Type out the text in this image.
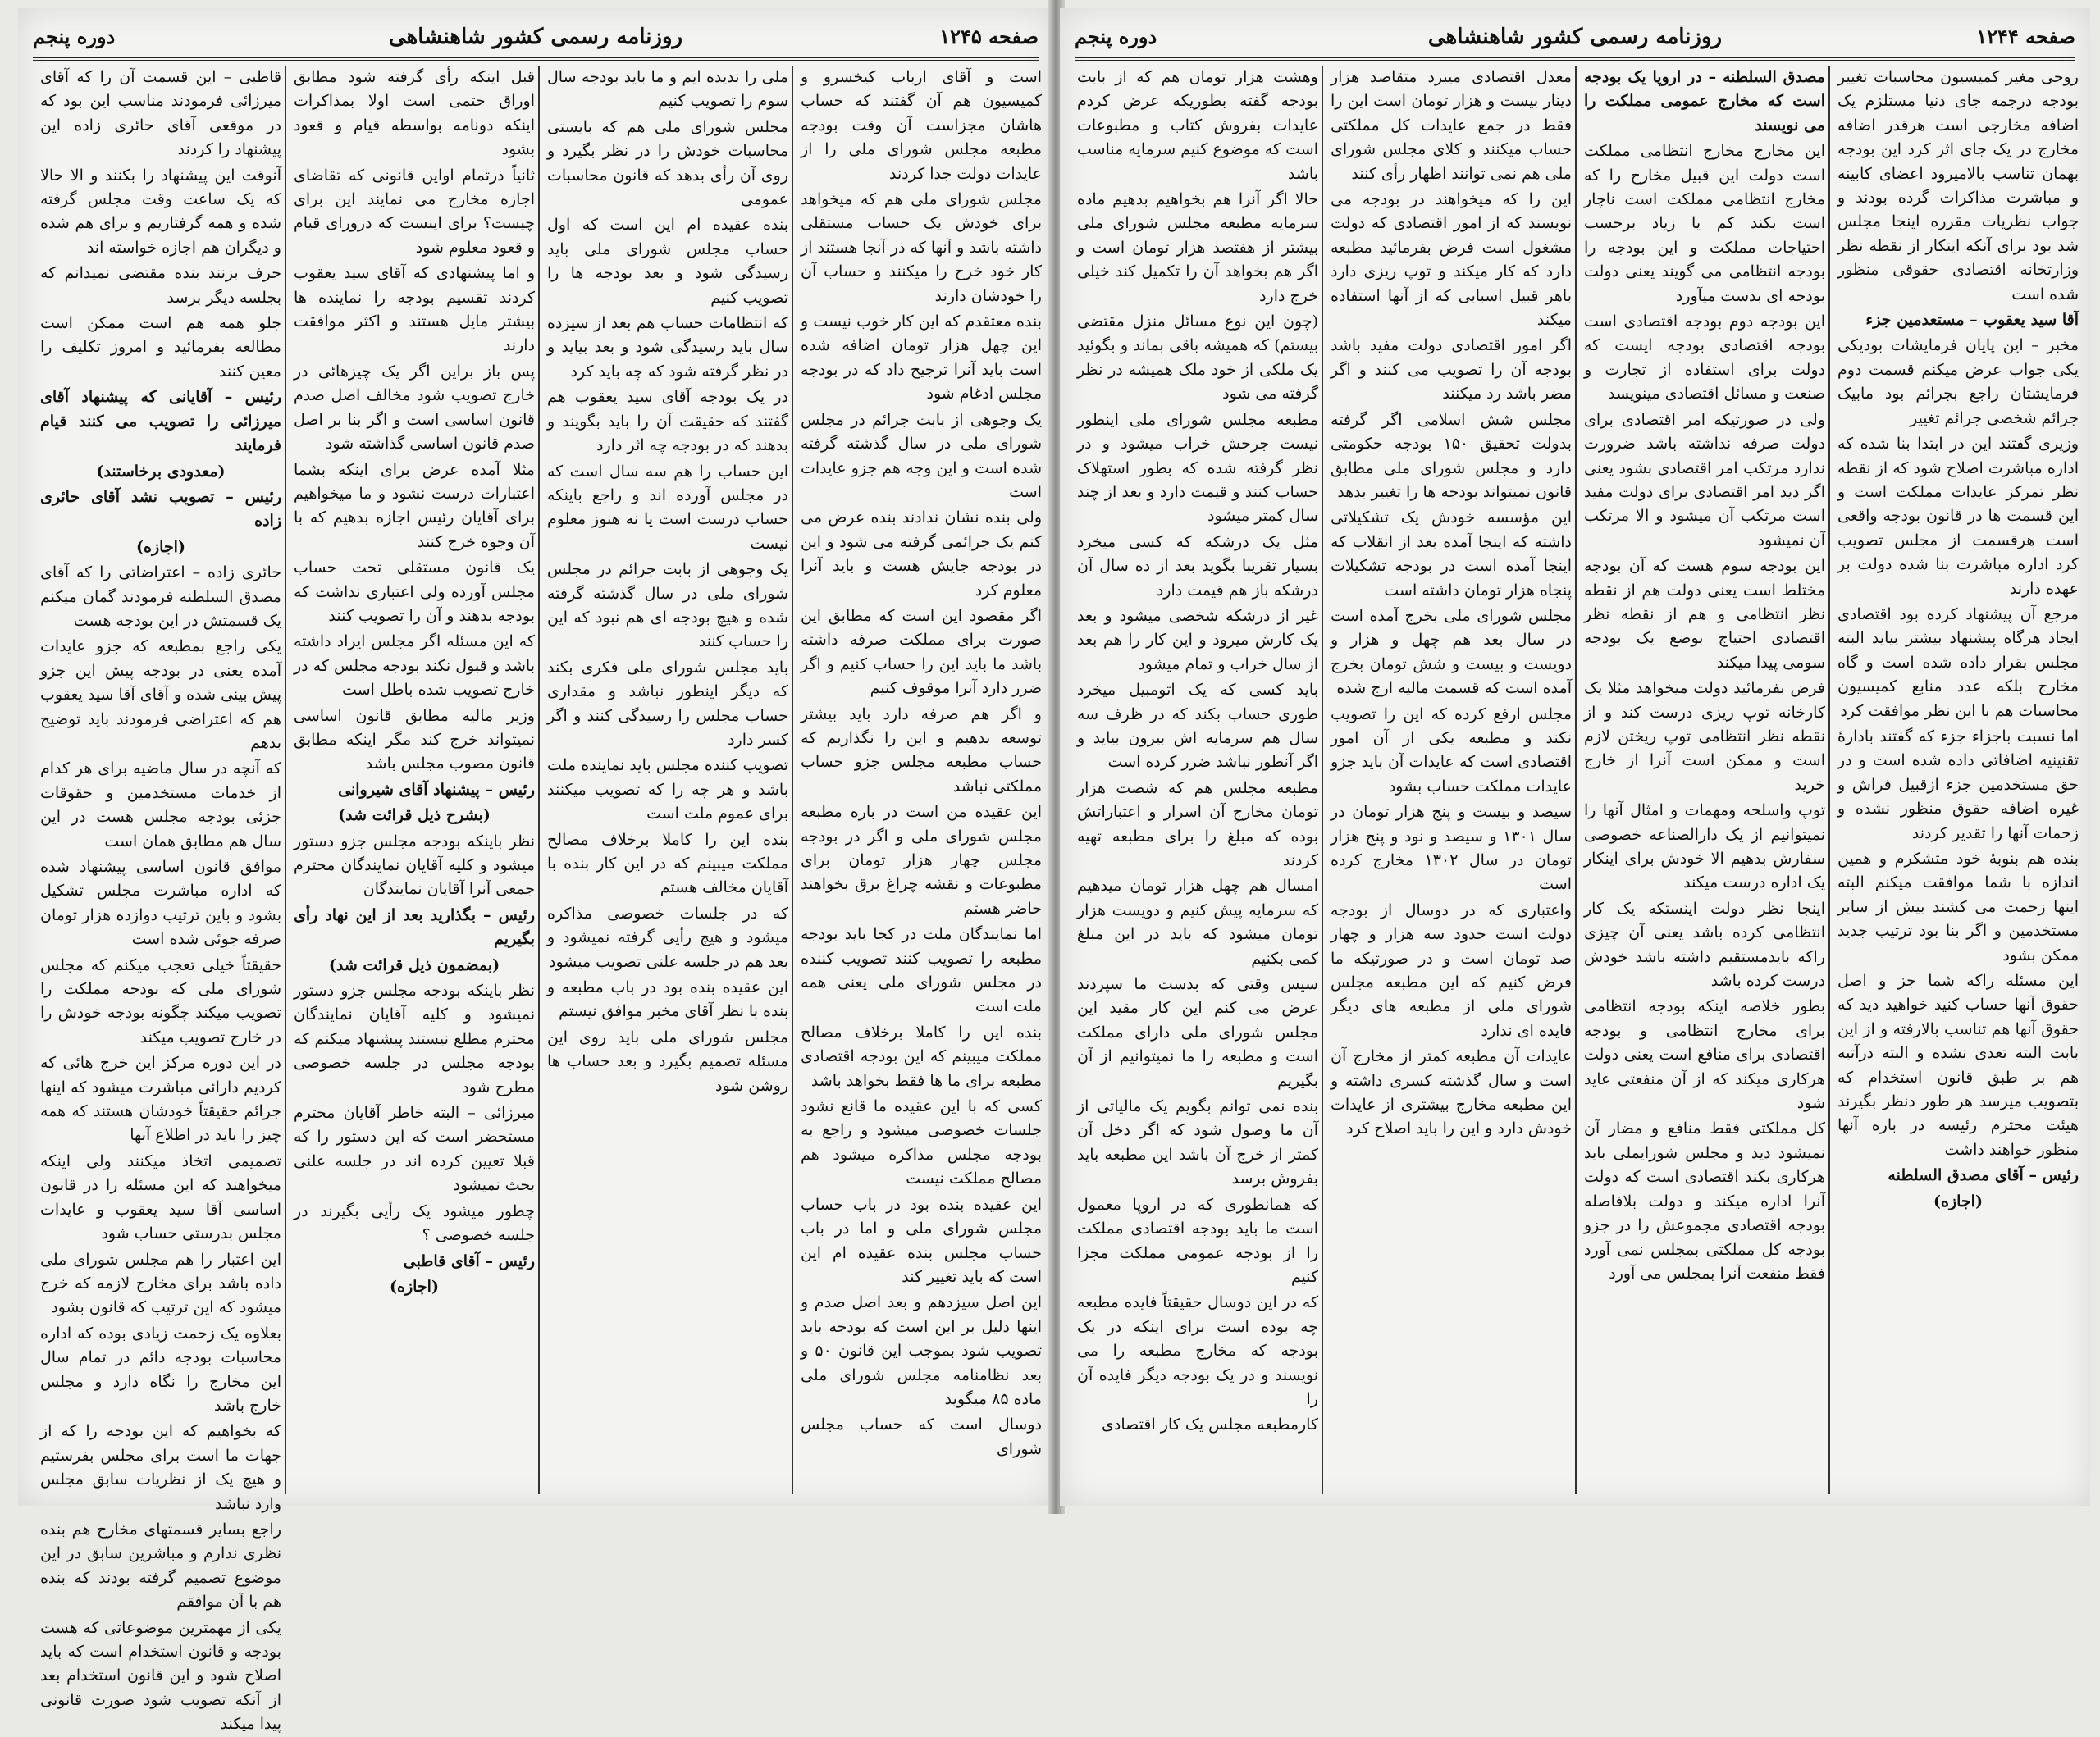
صفحه ۱۲۴۵
روزنامه رسمی کشور شاهنشاهی
دوره پنجم

است و آقای ارباب کیخسرو و کمیسیون هم آن گفتند که حساب هاشان مجزاست آن وقت بودجه مطبعه مجلس شورای ملی را از عایدات دولت جدا کردند

مجلس شورای ملی هم که میخواهد برای خودش یک حساب مستقلی داشته باشد و آنها که در آنجا هستند از کار خود خرج را میکنند و حساب آن را خودشان دارند

بنده معتقدم که این کار خوب نیست و این چهل هزار تومان اضافه شده است باید آنرا ترجیح داد که در بودجه مجلس ادغام شود

یک وجوهی از بابت جرائم در مجلس شورای ملی در سال گذشته گرفته شده است و این وجه هم جزو عایدات است

ولی بنده نشان ندادند بنده عرض می کنم یک جرائمی گرفته می شود و این در بودجه جایش هست و باید آنرا معلوم کرد

اگر مقصود این است که مطابق این صورت برای مملکت صرفه داشته باشد ما باید این را حساب کنیم و اگر ضرر دارد آنرا موقوف کنیم

و اگر هم صرفه دارد باید بیشتر توسعه بدهیم و این را نگذاریم که حساب مطبعه مجلس جزو حساب مملکتی نباشد

این عقیده من است در باره مطبعه مجلس شورای ملی و اگر در بودجه مجلس چهار هزار تومان برای مطبوعات و نقشه چراغ برق بخواهند حاضر هستم

اما نمایندگان ملت در کجا باید بودجه مطبعه را تصویب کنند تصویب کننده در مجلس شورای ملی یعنی همه ملت است

بنده این را کاملا برخلاف مصالح مملکت میبینم که این بودجه اقتصادی مطبعه برای ما ها فقط بخواهد باشد

کسی که با این عقیده ما قانع نشود جلسات خصوصی میشود و راجع به بودجه مجلس مذاکره میشود هم مصالح مملکت نیست

این عقیده بنده بود در باب حساب مجلس شورای ملی و اما در باب حساب مجلس بنده عقیده ام این است که باید تغییر کند

این اصل سیزدهم و بعد اصل صدم و اینها دلیل بر این است که بودجه باید تصویب شود بموجب این قانون ۵۰ و بعد نظامنامه مجلس شورای ملی ماده ۸۵ میگوید

دوسال است که حساب مجلس شورای

ملی را ندیده ایم و ما باید بودجه سال سوم را تصویب کنیم

مجلس شورای ملی هم که بایستی محاسبات خودش را در نظر بگیرد و روی آن رأی بدهد که قانون محاسبات عمومی

بنده عقیده ام این است که اول حساب مجلس شورای ملی باید رسیدگی شود و بعد بودجه ها را تصویب کنیم

که انتظامات حساب هم بعد از سیزده سال باید رسیدگی شود و بعد بیاید و در نظر گرفته شود که چه باید کرد

در یک بودجه آقای سید یعقوب هم گفتند که حقیقت آن را باید بگویند و بدهند که در بودجه چه اثر دارد

این حساب را هم سه سال است که در مجلس آورده اند و راجع باینکه حساب درست است یا نه هنوز معلوم نیست

یک وجوهی از بابت جرائم در مجلس شورای ملی در سال گذشته گرفته شده و هیچ بودجه ای هم نبود که این را حساب کنند

باید مجلس شورای ملی فکری بکند که دیگر اینطور نباشد و مقداری حساب مجلس را رسیدگی کنند و اگر کسر دارد

تصویب کننده مجلس باید نماینده ملت باشد و هر چه را که تصویب میکنند برای عموم ملت است

بنده این را کاملا برخلاف مصالح مملکت میبینم که در این کار بنده با آقایان مخالف هستم

که در جلسات خصوصی مذاکره میشود و هیچ رأیی گرفته نمیشود و بعد هم در جلسه علنی تصویب میشود

این عقیده بنده بود در باب مطبعه و بنده با نظر آقای مخبر موافق نیستم

مجلس شورای ملی باید روی این مسئله تصمیم بگیرد و بعد حساب ها روشن شود

قبل اینکه رأی گرفته شود مطابق اوراق حتمی است اولا بمذاکرات اینکه دونامه بواسطه قیام و قعود بشود

ثانیاً درتمام اواین قانونی که تقاضای اجازه مخارج می نمایند این برای چیست؟ برای اینست که درورای قیام و قعود معلوم شود

و اما پیشنهادی که آقای سید یعقوب کردند تقسیم بودجه را نماینده ها بیشتر مایل هستند و اکثر موافقت دارند

پس باز براین اگر یک چیزهائی در خارج تصویب شود مخالف اصل صدم قانون اساسی است و اگر بنا بر اصل صدم قانون اساسی گذاشته شود

مثلا آمده عرض برای اینکه بشما اعتبارات درست نشود و ما میخواهیم برای آقایان رئیس اجازه بدهیم که با آن وجوه خرج کنند

یک قانون مستقلی تحت حساب مجلس آورده ولی اعتباری نداشت که بودجه بدهند و آن را تصویب کنند

که این مسئله اگر مجلس ایراد داشته باشد و قبول نکند بودجه مجلس که در خارج تصویب شده باطل است

وزیر مالیه مطابق قانون اساسی نمیتواند خرج کند مگر اینکه مطابق قانون مصوب مجلس باشد

رئیس – پیشنهاد آقای شیروانی

(بشرح ذیل قرائت شد)

نظر باینکه بودجه مجلس جزو دستور میشود و کلیه آقایان نمایندگان محترم جمعی آنرا آقایان نمایندگان

رئیس – بگذارید بعد از این نهاد رأی بگیریم

(بمضمون ذیل قرائت شد)

نظر باینکه بودجه مجلس جزو دستور نمیشود و کلیه آقایان نمایندگان محترم مطلع نیستند پیشنهاد میکنم که بودجه مجلس در جلسه خصوصی مطرح شود

میرزائی – البته خاطر آقایان محترم مستحضر است که این دستور را که قبلا تعیین کرده اند در جلسه علنی بحث نمیشود

چطور میشود یک رأیی بگیرند در جلسه خصوصی ؟

رئیس – آقای قاطبی

(اجازه)

قاطبی – این قسمت آن را که آقای میرزائی فرمودند مناسب این بود که در موقعی آقای حائری زاده این پیشنهاد را کردند

آنوقت این پیشنهاد را بکنند و الا حالا که یک ساعت وقت مجلس گرفته شده و همه گرفتاریم و برای هم شده و دیگران هم اجازه خواسته اند

حرف بزنند بنده مقتضی نمیدانم که بجلسه دیگر برسد

جلو همه هم است ممکن است مطالعه بفرمائید و امروز تکلیف را معین کنند

رئیس – آقایانی که پیشنهاد آقای میرزائی را تصویب می کنند قیام فرمایند

(معدودی برخاستند)

رئیس – تصویب نشد آقای حائری زاده

(اجازه)

حائری زاده – اعتراضاتی را که آقای مصدق السلطنه فرمودند گمان میکنم یک قسمتش در این بودجه هست

یکی راجع بمطبعه که جزو عایدات آمده یعنی در بودجه پیش این جزو پیش بینی شده و آقای آقا سید یعقوب هم که اعتراضی فرمودند باید توضیح بدهم

که آنچه در سال ماضیه برای هر کدام از خدمات مستخدمین و حقوقات جزئی بودجه مجلس هست در این سال هم مطابق همان است

موافق قانون اساسی پیشنهاد شده که اداره مباشرت مجلس تشکیل بشود و باین ترتیب دوازده هزار تومان صرفه جوئی شده است

حقیقتاً خیلی تعجب میکنم که مجلس شورای ملی که بودجه مملکت را تصویب میکند چگونه بودجه خودش را در خارج تصویب میکند

در این دوره مرکز این خرج هائی که کردیم دارائی مباشرت میشود که اینها جرائم حقیقتاً خودشان هستند که همه چیز را باید در اطلاع آنها

تصمیمی اتخاذ میکنند ولی اینکه میخواهند که این مسئله را در قانون اساسی آقا سید یعقوب و عایدات مجلس بدرستی حساب شود

این اعتبار را هم مجلس شورای ملی داده باشد برای مخارج لازمه که خرج میشود که این ترتیب که قانون بشود

بعلاوه یک زحمت زیادی بوده که اداره محاسبات بودجه دائم در تمام سال این مخارج را نگاه دارد و مجلس خارج باشد

که بخواهیم که این بودجه را که از جهات ما است برای مجلس بفرستیم و هیچ یک از نظریات سابق مجلس وارد نباشد

راجع بسایر قسمتهای مخارج هم بنده نظری ندارم و مباشرین سابق در این موضوع تصمیم گرفته بودند که بنده هم با آن موافقم

یکی از مهمترین موضوعاتی که هست بودجه و قانون استخدام است که باید اصلاح شود و این قانون استخدام بعد از آنکه تصویب شود صورت قانونی پیدا میکند

صفحه ۱۲۴۴
روزنامه رسمی کشور شاهنشاهی
دوره پنجم

روحی مغیر کمیسیون محاسبات تغییر بودجه درجمه جای دنیا مستلزم یک اضافه مخارجی است هرقدر اضافه مخارج در یک جای اثر کرد این بودجه بهمان تناسب بالامیرود اعضای کابینه و مباشرت مذاکرات گرده بودند و جواب نظریات مقرره اینجا مجلس شد بود برای آنکه اینکار از نقطه نظر وزارتخانه اقتصادی حقوقی منظور شده است

آقا سید یعقوب – مستعدمین جزء

مخبر – این پایان فرمایشات بودیکی یکی جواب عرض میکنم قسمت دوم فرمایشتان راجع بجرائم بود مابیک جرائم شخصی جرائم تغییر

وزیری گفتند این در ابتدا بنا شده که اداره مباشرت اصلاح شود که از نقطه نظر تمرکز عایدات مملکت است و این قسمت ها در قانون بودجه واقعی است هرقسمت از مجلس تصویب کرد اداره مباشرت بنا شده دولت بر عهده دارند

مرجع آن پیشنهاد کرده بود اقتصادی ایجاد هرگاه پیشنهاد بیشتر بیاید البته مجلس بقرار داده شده است و گاه مخارج بلکه عدد منابع کمیسیون محاسبات هم با این نظر موافقت کرد

اما نسبت باجزاء جزء که گفتند بادارهٔ تقنینیه اضافاتی داده شده است و در حق مستخدمین جزء ازقبیل فراش و غیره اضافه حقوق منظور نشده و زحمات آنها را تقدیر کردند

بنده هم بنوبهٔ خود متشکرم و همین اندازه با شما موافقت میکنم البته اینها زحمت می کشند بیش از سایر مستخدمین و اگر بنا بود ترتیب جدید ممکن بشود

این مسئله راکه شما جز و اصل حقوق آنها حساب کنید خواهید دید که حقوق آنها هم تناسب بالارفته و از این بابت البته تعدی نشده و البته درآتیه هم بر طبق قانون استخدام که بتصویب میرسد هر طور دنظر بگیرند هیئت محترم رئیسه در باره آنها منظور خواهند داشت

رئیس – آقای مصدق السلطنه

(اجازه)

مصدق السلطنه – در اروپا یک بودجه است که مخارج عمومی مملکت را می نویسند

این مخارج مخارج انتظامی مملکت است دولت این قبیل مخارج را که مخارج انتظامی مملکت است ناچار است بکند کم یا زیاد برحسب احتیاجات مملکت و این بودجه را بودجه انتظامی می گویند یعنی دولت بودجه ای بدست میآورد

این بودجه دوم بودجه اقتصادی است بودجه اقتصادی بودجه ایست که دولت برای استفاده از تجارت و صنعت و مسائل اقتصادی مینویسد

ولی در صورتیکه امر اقتصادی برای دولت صرفه نداشته باشد ضرورت ندارد مرتکب امر اقتصادی بشود یعنی اگر دید امر اقتصادی برای دولت مفید است مرتکب آن میشود و الا مرتکب آن نمیشود

این بودجه سوم هست که آن بودجه مختلط است یعنی دولت هم از نقطه نظر انتظامی و هم از نقطه نظر اقتصادی احتیاج بوضع یک بودجه سومی پیدا میکند

فرض بفرمائید دولت میخواهد مثلا یک کارخانه توپ ریزی درست کند و از نقطه نظر انتظامی توپ ریختن لازم است و ممکن است آنرا از خارج خرید

توپ واسلحه ومهمات و امثال آنها را نمیتوانیم از یک دارالصناعه خصوصی سفارش بدهیم الا خودش برای اینکار یک اداره درست میکند

اینجا نظر دولت اینستکه یک کار انتظامی کرده باشد یعنی آن چیزی راکه بایدمستقیم داشته باشد خودش درست کرده باشد

بطور خلاصه اینکه بودجه انتظامی برای مخارج انتظامی و بودجه اقتصادی برای منافع است یعنی دولت هرکاری میکند که از آن منفعتی عاید شود

کل مملکتی فقط منافع و مضار آن نمیشود دید و مجلس شورایملی باید هرکاری بکند اقتصادی است که دولت آنرا اداره میکند و دولت بلافاصله بودجه اقتصادی مجموعش را در جزو بودجه کل مملکتی بمجلس نمی آورد فقط منفعت آنرا بمجلس می آورد

معدل اقتصادی میبرد متقاصد هزار دینار بیست و هزار تومان است این را فقط در جمع عایدات کل مملکتی حساب میکنند و کلای مجلس شورای ملی هم نمی توانند اظهار رأی کنند

این را که میخواهند در بودجه می نویسند که از امور اقتصادی که دولت مشغول است فرض بفرمائید مطبعه دارد که کار میکند و توپ ریزی دارد باهر قبیل اسبابی که از آنها استفاده میکند

اگر امور اقتصادی دولت مفید باشد بودجه آن را تصویب می کنند و اگر مضر باشد رد میکنند

مجلس شش اسلامی اگر گرفته بدولت تحقیق ۱۵۰ بودجه حکومتی دارد و مجلس شورای ملی مطابق قانون نمیتواند بودجه ها را تغییر بدهد

این مؤسسه خودش یک تشکیلاتی داشته که اینجا آمده بعد از انقلاب که اینجا آمده است در بودجه تشکیلات پنجاه هزار تومان داشته است

مجلس شورای ملی بخرج آمده است در سال بعد هم چهل و هزار و دویست و بیست و شش تومان بخرج آمده است که قسمت مالیه ارج شده

مجلس ارفع کرده که این را تصویب نکند و مطبعه یکی از آن امور اقتصادی است که عایدات آن باید جزو عایدات مملکت حساب بشود

سیصد و بیست و پنج هزار تومان در سال ۱۳۰۱ و سیصد و نود و پنج هزار تومان در سال ۱۳۰۲ مخارج کرده است

واعتباری که در دوسال از بودجه دولت است حدود سه هزار و چهار صد تومان است و در صورتیکه ما فرض کنیم که این مطبعه مجلس شورای ملی از مطبعه های دیگر فایده ای ندارد

عایدات آن مطبعه کمتر از مخارج آن است و سال گذشته کسری داشته و این مطبعه مخارج بیشتری از عایدات خودش دارد و این را باید اصلاح کرد

وهشت هزار تومان هم که از بابت بودجه گفته بطوریکه عرض کردم عایدات بفروش کتاب و مطبوعات است که موضوع کنیم سرمایه مناسب باشد

حالا اگر آنرا هم بخواهیم بدهیم ماده سرمایه مطبعه مجلس شورای ملی بیشتر از هفتصد هزار تومان است و اگر هم بخواهد آن را تکمیل کند خیلی خرج دارد

(چون این نوع مسائل منزل مقتضی بیستم) که همیشه باقی بماند و بگوئید یک ملکی از خود ملک همیشه در نظر گرفته می شود

مطبعه مجلس شورای ملی اینطور نیست جرحش خراب میشود و در نظر گرفته شده که بطور استهلاک حساب کنند و قیمت دارد و بعد از چند سال کمتر میشود

مثل یک درشکه که کسی میخرد بسیار تقریبا بگوید بعد از ده سال آن درشکه باز هم قیمت دارد

غیر از درشکه شخصی میشود و بعد یک کارش میرود و این کار را هم بعد از سال خراب و تمام میشود

باید کسی که یک اتومبیل میخرد طوری حساب بکند که در ظرف سه سال هم سرمایه اش بیرون بیاید و اگر آنطور نباشد ضرر کرده است

مطبعه مجلس هم که شصت هزار تومان مخارج آن اسرار و اعتباراتش بوده که مبلغ را برای مطبعه تهیه کردند

امسال هم چهل هزار تومان میدهیم که سرمایه پیش کنیم و دویست هزار تومان میشود که باید در این مبلغ کمی بکنیم

سیس وقتی که بدست ما سپردند عرض می کنم این کار مقید این مجلس شورای ملی دارای مملکت است و مطبعه را ما نمیتوانیم از آن بگیریم

بنده نمی توانم بگویم یک مالیاتی از آن ما وصول شود که اگر دخل آن کمتر از خرج آن باشد این مطبعه باید بفروش برسد

که همانطوری که در اروپا معمول است ما باید بودجه اقتصادی مملکت را از بودجه عمومی مملکت مجزا کنیم

که در این دوسال حقیقتاً فایده مطبعه چه بوده است برای اینکه در یک بودجه که مخارج مطبعه را می نویسند و در یک بودجه دیگر فایده آن را

کارمطبعه مجلس یک کار اقتصادی
